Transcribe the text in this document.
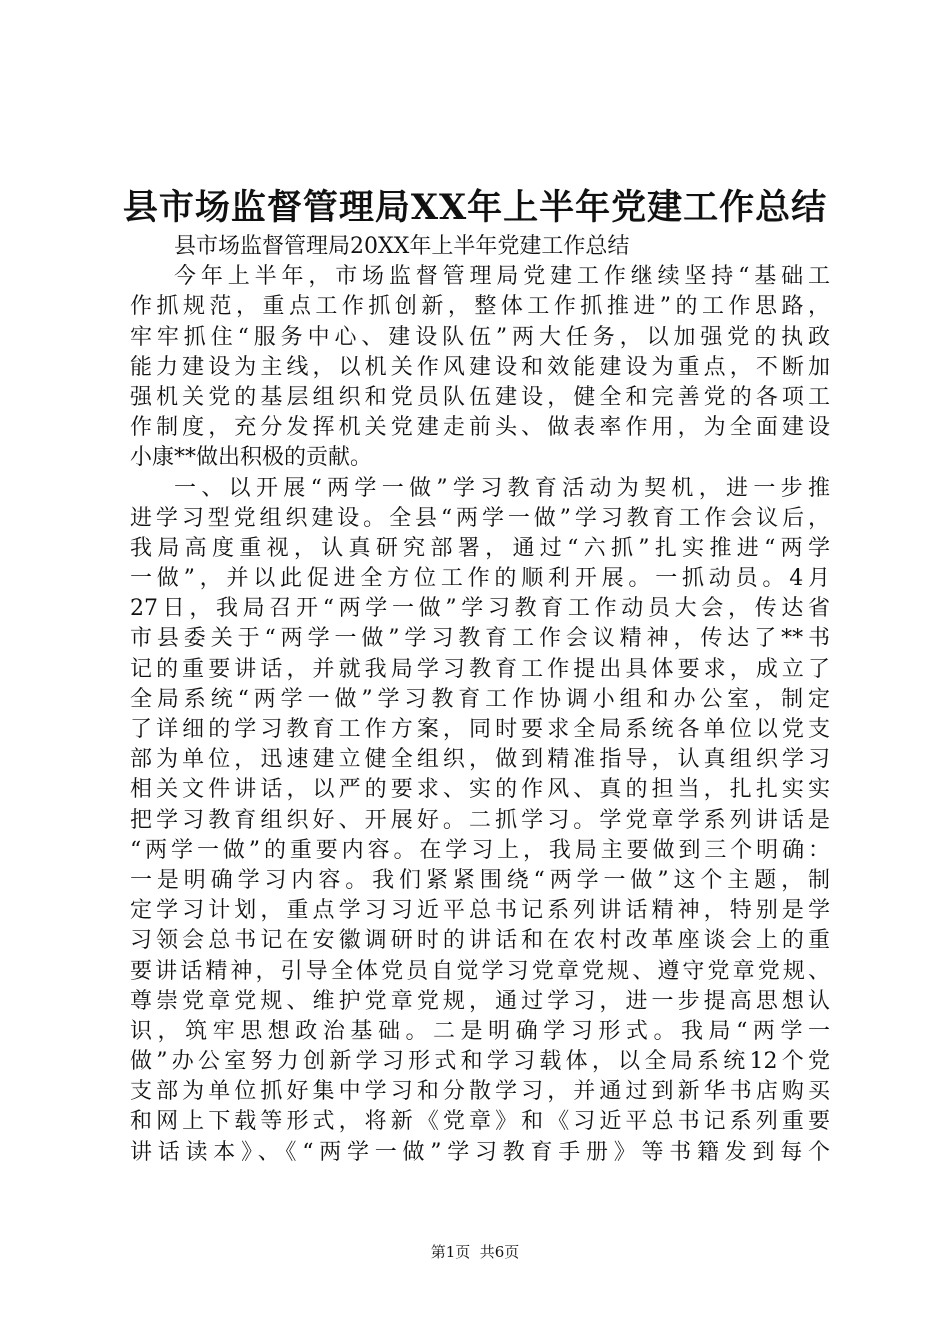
县市场监督管理局XX年上半年党建工作总结
县市场监督管理局20XX年上半年党建工作总结
今年上半年，市场监督管理局党建工作继续坚持“基础工
作抓规范，重点工作抓创新，整体工作抓推进”的工作思路，
牢牢抓住“服务中心、建设队伍”两大任务，以加强党的执政
能力建设为主线，以机关作风建设和效能建设为重点，不断加
强机关党的基层组织和党员队伍建设，健全和完善党的各项工
作制度，充分发挥机关党建走前头、做表率作用，为全面建设
小康**做出积极的贡献。
一、以开展“两学一做”学习教育活动为契机，进一步推
进学习型党组织建设。全县“两学一做”学习教育工作会议后，
我局高度重视，认真研究部署，通过“六抓”扎实推进“两学
一做”，并以此促进全方位工作的顺利开展。一抓动员。4月
27日，我局召开“两学一做”学习教育工作动员大会，传达省
市县委关于“两学一做”学习教育工作会议精神，传达了**书
记的重要讲话，并就我局学习教育工作提出具体要求，成立了
全局系统“两学一做”学习教育工作协调小组和办公室，制定
了详细的学习教育工作方案，同时要求全局系统各单位以党支
部为单位，迅速建立健全组织，做到精准指导，认真组织学习
相关文件讲话，以严的要求、实的作风、真的担当，扎扎实实
把学习教育组织好、开展好。二抓学习。学党章学系列讲话是
“两学一做”的重要内容。在学习上，我局主要做到三个明确：
一是明确学习内容。我们紧紧围绕“两学一做”这个主题，制
定学习计划，重点学习习近平总书记系列讲话精神，特别是学
习领会总书记在安徽调研时的讲话和在农村改革座谈会上的重
要讲话精神，引导全体党员自觉学习党章党规、遵守党章党规、
尊崇党章党规、维护党章党规，通过学习，进一步提高思想认
识，筑牢思想政治基础。二是明确学习形式。我局“两学一
做”办公室努力创新学习形式和学习载体，以全局系统12个党
支部为单位抓好集中学习和分散学习，并通过到新华书店购买
和网上下载等形式，将新《党章》和《习近平总书记系列重要
讲话读本》、《“两学一做”学习教育手册》等书籍发到每个
第1页  共6页
